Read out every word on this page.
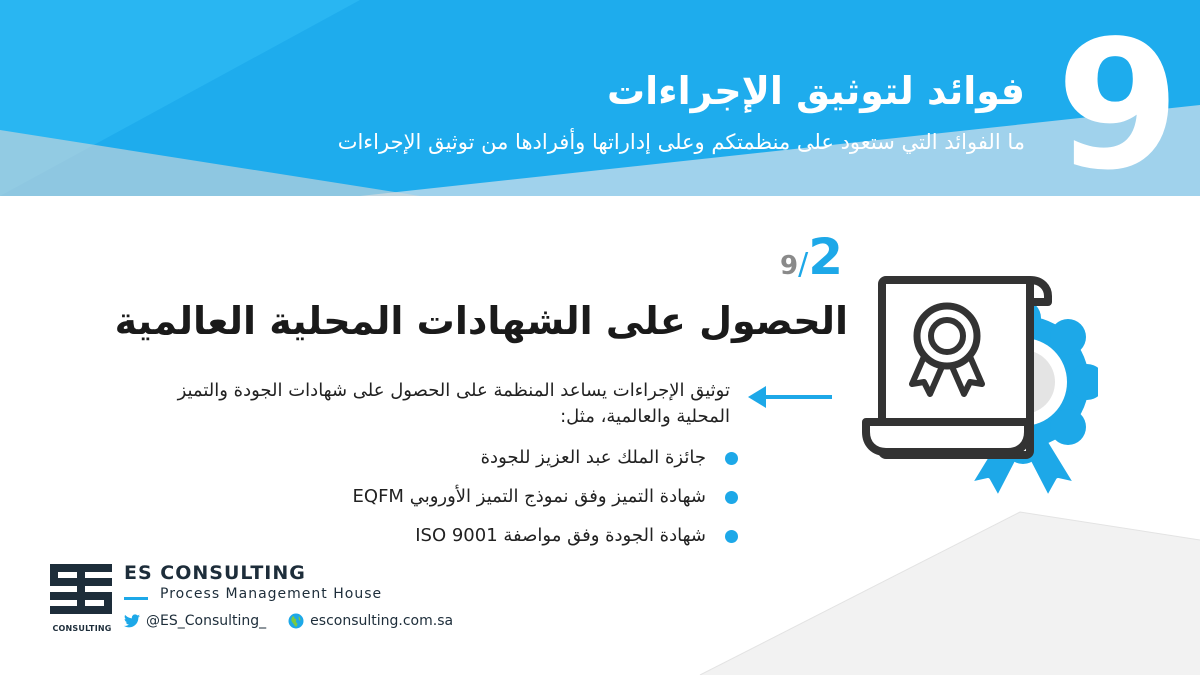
9
فوائد لتوثيق الإجراءات
ما الفوائد التي ستعود على منظمتكم وعلى إداراتها وأفرادها من توثيق الإجراءات
9/2
الحصول على الشهادات المحلية العالمية
توثيق الإجراءات يساعد المنظمة على الحصول على شهادات الجودة والتميز المحلية والعالمية، مثل:
جائزة الملك عبد العزيز للجودة
شهادة التميز وفق نموذج التميز الأوروبي EQFM
شهادة الجودة وفق مواصفة ISO 9001
CONSULTING
ES CONSULTING
Process Management House
@ES_Consulting_	esconsulting.com.sa
